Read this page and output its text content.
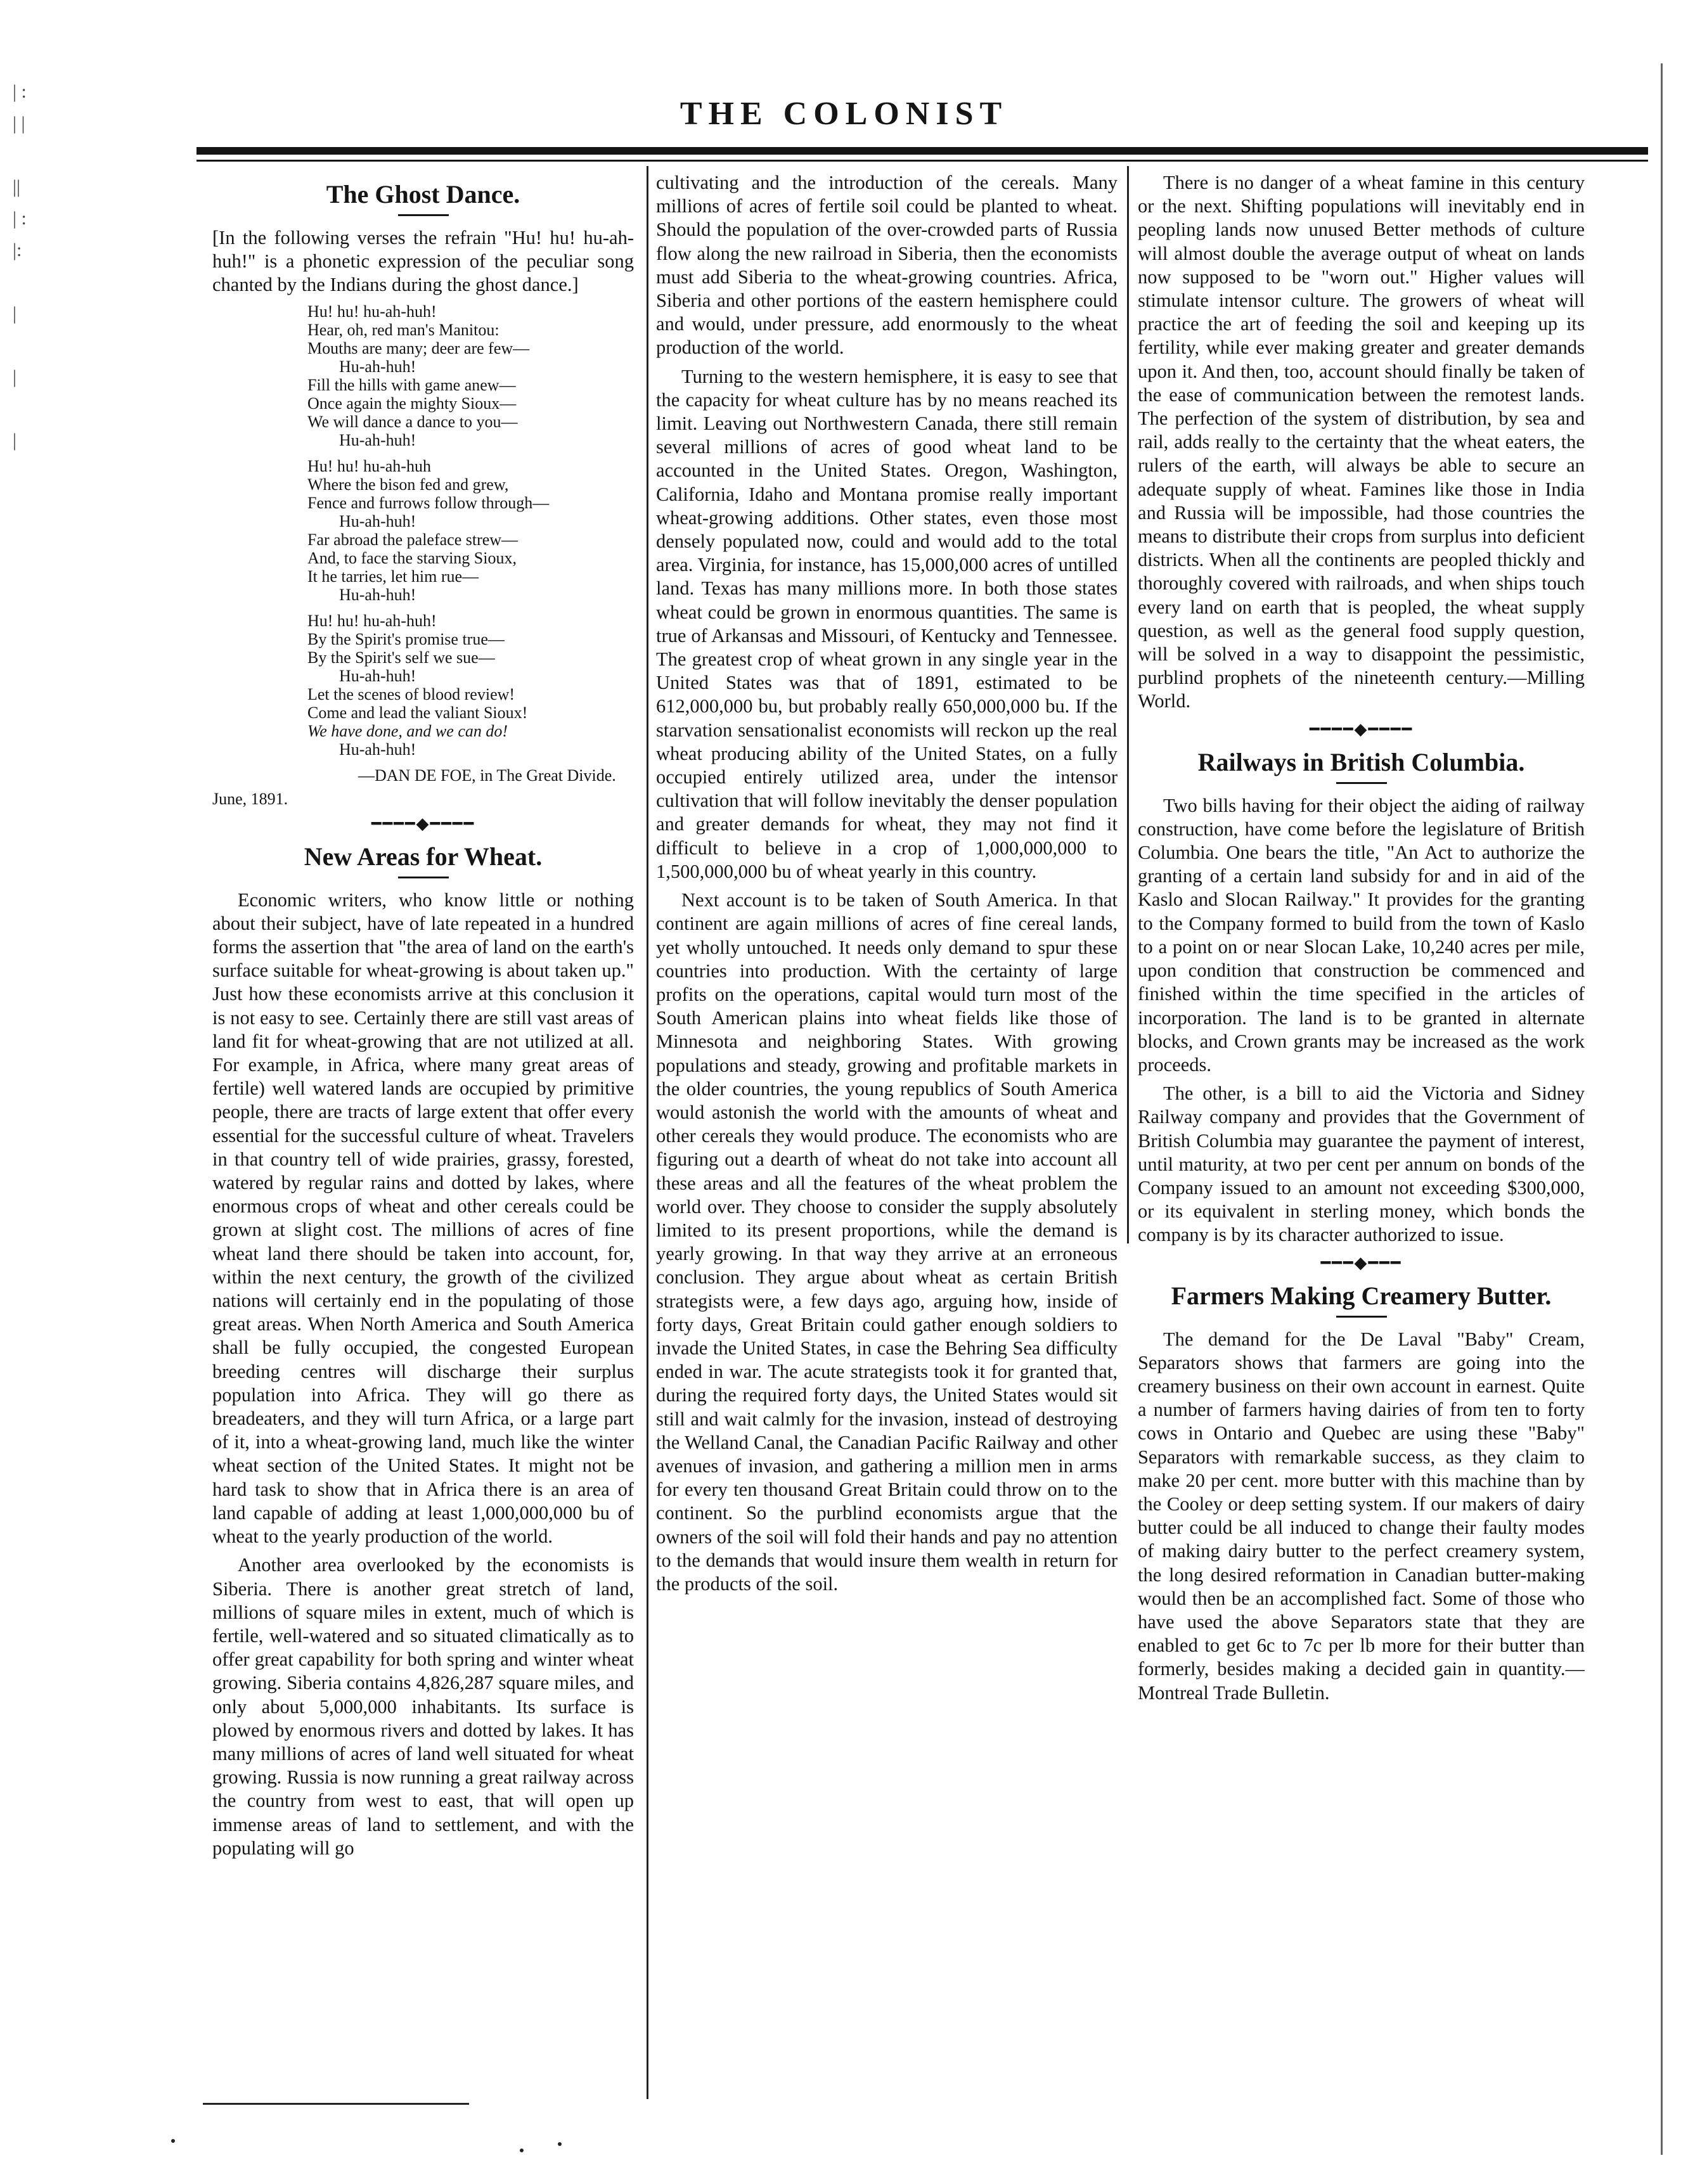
| :
| |

||
| :
|:

|

|

|
THE COLONIST
The Ghost Dance.

[In the following verses the refrain "Hu! hu! hu-ah-huh!" is a phonetic expression of the peculiar song chanted by the Indians during the ghost dance.]

Hu! hu! hu-ah-huh!
Hear, oh, red man's Manitou:
Mouths are many; deer are few—
Hu-ah-huh!
Fill the hills with game anew—
Once again the mighty Sioux—
We will dance a dance to you—
Hu-ah-huh!
Hu! hu! hu-ah-huh
Where the bison fed and grew,
Fence and furrows follow through—
Hu-ah-huh!
Far abroad the paleface strew—
And, to face the starving Sioux,
It he tarries, let him rue—
Hu-ah-huh!
Hu! hu! hu-ah-huh!
By the Spirit's promise true—
By the Spirit's self we sue—
Hu-ah-huh!
Let the scenes of blood review!
Come and lead the valiant Sioux!
We have done, and we can do!
Hu-ah-huh!
—DAN DE FOE, in The Great Divide.
June, 1891.
━━━━◆━━━━
New Areas for Wheat.

Economic writers, who know little or nothing about their subject, have of late repeated in a hundred forms the assertion that "the area of land on the earth's surface suitable for wheat-growing is about taken up." Just how these economists arrive at this conclusion it is not easy to see. Certainly there are still vast areas of land fit for wheat-growing that are not utilized at all. For example, in Africa, where many great areas of fertile) well watered lands are occupied by primitive people, there are tracts of large extent that offer every essential for the successful culture of wheat. Travelers in that country tell of wide prairies, grassy, forested, watered by regular rains and dotted by lakes, where enormous crops of wheat and other cereals could be grown at slight cost. The millions of acres of fine wheat land there should be taken into account, for, within the next century, the growth of the civilized nations will certainly end in the populating of those great areas. When North America and South America shall be fully occupied, the congested European breeding centres will discharge their surplus population into Africa. They will go there as breadeaters, and they will turn Africa, or a large part of it, into a wheat-growing land, much like the winter wheat section of the United States. It might not be hard task to show that in Africa there is an area of land capable of adding at least 1,000,000,000 bu of wheat to the yearly production of the world.

Another area overlooked by the economists is Siberia. There is another great stretch of land, millions of square miles in extent, much of which is fertile, well-watered and so situated climatically as to offer great capability for both spring and winter wheat growing. Siberia contains 4,826,287 square miles, and only about 5,000,000 inhabitants. Its surface is plowed by enormous rivers and dotted by lakes. It has many millions of acres of land well situated for wheat growing. Russia is now running a great railway across the country from west to east, that will open up immense areas of land to settlement, and with the populating will go

cultivating and the introduction of the cereals. Many millions of acres of fertile soil could be planted to wheat. Should the population of the over-crowded parts of Russia flow along the new railroad in Siberia, then the economists must add Siberia to the wheat-growing countries. Africa, Siberia and other portions of the eastern hemisphere could and would, under pressure, add enormously to the wheat production of the world.

Turning to the western hemisphere, it is easy to see that the capacity for wheat culture has by no means reached its limit. Leaving out Northwestern Canada, there still remain several millions of acres of good wheat land to be accounted in the United States. Oregon, Washington, California, Idaho and Montana promise really important wheat-growing additions. Other states, even those most densely populated now, could and would add to the total area. Virginia, for instance, has 15,000,000 acres of untilled land. Texas has many millions more. In both those states wheat could be grown in enormous quantities. The same is true of Arkansas and Missouri, of Kentucky and Tennessee. The greatest crop of wheat grown in any single year in the United States was that of 1891, estimated to be 612,000,000 bu, but probably really 650,000,000 bu. If the starvation sensationalist economists will reckon up the real wheat producing ability of the United States, on a fully occupied entirely utilized area, under the intensor cultivation that will follow inevitably the denser population and greater demands for wheat, they may not find it difficult to believe in a crop of 1,000,000,000 to 1,500,000,000 bu of wheat yearly in this country.

Next account is to be taken of South America. In that continent are again millions of acres of fine cereal lands, yet wholly untouched. It needs only demand to spur these countries into production. With the certainty of large profits on the operations, capital would turn most of the South American plains into wheat fields like those of Minnesota and neighboring States. With growing populations and steady, growing and profitable markets in the older countries, the young republics of South America would astonish the world with the amounts of wheat and other cereals they would produce. The economists who are figuring out a dearth of wheat do not take into account all these areas and all the features of the wheat problem the world over. They choose to consider the supply absolutely limited to its present proportions, while the demand is yearly growing. In that way they arrive at an erroneous conclusion. They argue about wheat as certain British strategists were, a few days ago, arguing how, inside of forty days, Great Britain could gather enough soldiers to invade the United States, in case the Behring Sea difficulty ended in war. The acute strategists took it for granted that, during the required forty days, the United States would sit still and wait calmly for the invasion, instead of destroying the Welland Canal, the Canadian Pacific Railway and other avenues of invasion, and gathering a million men in arms for every ten thousand Great Britain could throw on to the continent. So the purblind economists argue that the owners of the soil will fold their hands and pay no attention to the demands that would insure them wealth in return for the products of the soil.

There is no danger of a wheat famine in this century or the next. Shifting populations will inevitably end in peopling lands now unused Better methods of culture will almost double the average output of wheat on lands now supposed to be "worn out." Higher values will stimulate intensor culture. The growers of wheat will practice the art of feeding the soil and keeping up its fertility, while ever making greater and greater demands upon it. And then, too, account should finally be taken of the ease of communication between the remotest lands. The perfection of the system of distribution, by sea and rail, adds really to the certainty that the wheat eaters, the rulers of the earth, will always be able to secure an adequate supply of wheat. Famines like those in India and Russia will be impossible, had those countries the means to distribute their crops from surplus into deficient districts. When all the continents are peopled thickly and thoroughly covered with railroads, and when ships touch every land on earth that is peopled, the wheat supply question, as well as the general food supply question, will be solved in a way to disappoint the pessimistic, purblind prophets of the nineteenth century.—Milling World.

━━━━◆━━━━
Railways in British Columbia.

Two bills having for their object the aiding of railway construction, have come before the legislature of British Columbia. One bears the title, "An Act to authorize the granting of a certain land subsidy for and in aid of the Kaslo and Slocan Railway." It provides for the granting to the Company formed to build from the town of Kaslo to a point on or near Slocan Lake, 10,240 acres per mile, upon condition that construction be commenced and finished within the time specified in the articles of incorporation. The land is to be granted in alternate blocks, and Crown grants may be increased as the work proceeds.

The other, is a bill to aid the Victoria and Sidney Railway company and provides that the Government of British Columbia may guarantee the payment of interest, until maturity, at two per cent per annum on bonds of the Company issued to an amount not exceeding $300,000, or its equivalent in sterling money, which bonds the company is by its character authorized to issue.

━━━◆━━━
Farmers Making Creamery Butter.

The demand for the De Laval "Baby" Cream, Separators shows that farmers are going into the creamery business on their own account in earnest. Quite a number of farmers having dairies of from ten to forty cows in Ontario and Quebec are using these "Baby" Separators with remarkable success, as they claim to make 20 per cent. more butter with this machine than by the Cooley or deep setting system. If our makers of dairy butter could be all induced to change their faulty modes of making dairy butter to the perfect creamery system, the long desired reformation in Canadian butter-making would then be an accomplished fact. Some of those who have used the above Separators state that they are enabled to get 6c to 7c per lb more for their butter than formerly, besides making a decided gain in quantity.—Montreal Trade Bulletin.
